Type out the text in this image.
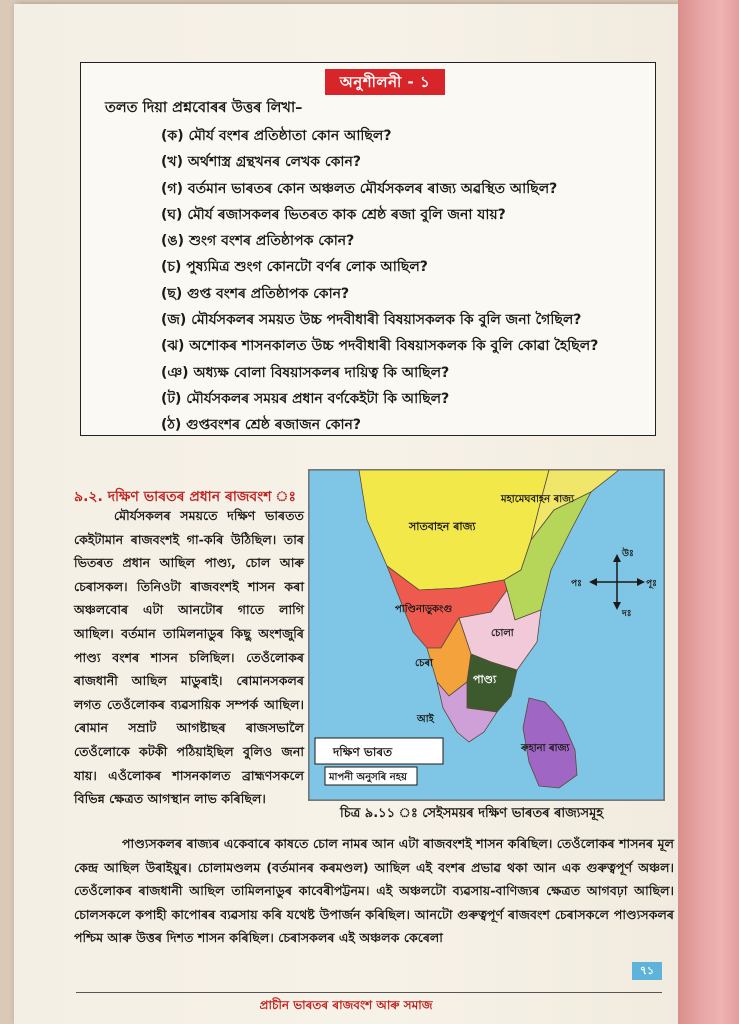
অনুশীলনী - ১
তলত দিয়া প্ৰশ্নবোৰৰ উত্তৰ লিখা–
(ক) মৌৰ্য বংশৰ প্ৰতিষ্ঠাতা কোন আছিল?
(খ) অৰ্থশাস্ত্ৰ গ্ৰন্থখনৰ লেখক কোন?
(গ) বৰ্তমান ভাৰতৰ কোন অঞ্চলত মৌৰ্যসকলৰ ৰাজ্য অৱস্থিত আছিল?
(ঘ) মৌৰ্য ৰজাসকলৰ ভিতৰত কাক শ্ৰেষ্ঠ ৰজা বুলি জনা যায়?
(ঙ) শুংগ বংশৰ প্ৰতিষ্ঠাপক কোন?
(চ) পুষ্যমিত্ৰ শুংগ কোনটো বৰ্ণৰ লোক আছিল?
(ছ) গুপ্ত বংশৰ প্ৰতিষ্ঠাপক কোন?
(জ) মৌৰ্যসকলৰ সময়ত উচ্চ পদবীধাৰী বিষয়াসকলক কি বুলি জনা গৈছিল?
(ঝ) অশোকৰ শাসনকালত উচ্চ পদবীধাৰী বিষয়াসকলক কি বুলি কোৱা হৈছিল?
(ঞ) অধ্যক্ষ বোলা বিষয়াসকলৰ দায়িত্ব কি আছিল?
(ট) মৌৰ্যসকলৰ সময়ৰ প্ৰধান বৰ্ণকেইটা কি আছিল?
(ঠ) গুপ্তবংশৰ শ্ৰেষ্ঠ ৰজাজন কোন?
৯.২. দক্ষিণ ভাৰতৰ প্ৰধান ৰাজবংশ ঃ

মৌৰ্যসকলৰ সময়তে দক্ষিণ ভাৰতত কেইটামান ৰাজবংশই গা-কৰি উঠিছিল। তাৰ ভিতৰত প্ৰধান আছিল পাণ্ড্য, চোল আৰু চেৰাসকল। তিনিওটা ৰাজবংশই শাসন কৰা অঞ্চলবোৰ এটা আনটোৰ গাতে লাগি আছিল। বৰ্তমান তামিলনাডুৰ কিছু অংশজুৰি পাণ্ড্য বংশৰ শাসন চলিছিল। তেওঁলোকৰ ৰাজধানী আছিল মাডুৰাই। ৰোমানসকলৰ লগত তেওঁলোকৰ ব্যৱসায়িক সম্পৰ্ক আছিল। ৰোমান সম্ৰাট আগষ্টাছৰ ৰাজসভালৈ তেওঁলোকে কটকী পঠিয়াইছিল বুলিও জনা যায়। এওঁলোকৰ শাসনকালত ব্ৰাহ্মণসকলে বিভিন্ন ক্ষেত্ৰত আগস্থান লাভ কৰিছিল।

সাতবাহন ৰাজ্য
মহামেঘবাহন ৰাজ্য
পাণ্ডিনাড়ুকংগু
চোলা
চেৰা
পাণ্ড্য
আই
ৰুহানা ৰাজ্য
উঃ
দঃ
পঃ	পূঃ
দক্ষিণ ভাৰত
মাপনী অনুসৰি নহয়
চিত্ৰ ৯.১১ ঃ সেইসময়ৰ দক্ষিণ ভাৰতৰ ৰাজ্যসমূহ

পাণ্ড্যসকলৰ ৰাজ্যৰ একেবাৰে কাষতে চোল নামৰ আন এটা ৰাজবংশই শাসন কৰিছিল। তেওঁলোকৰ শাসনৰ মূল কেন্দ্ৰ আছিল উৰাইয়ুৰ। চোলামণ্ডলম (বৰ্তমানৰ কৰমণ্ডল) আছিল এই বংশৰ প্ৰভাৱ থকা আন এক গুৰুত্বপূৰ্ণ অঞ্চল। তেওঁলোকৰ ৰাজধানী আছিল তামিলনাডুৰ কাবেৰীপট্টনম। এই অঞ্চলটো ব্যৱসায়-বাণিজ্যৰ ক্ষেত্ৰত আগবঢ়া আছিল। চোলসকলে কপাহী কাপোৰৰ ব্যৱসায় কৰি যথেষ্ট উপাৰ্জন কৰিছিল। আনটো গুৰুত্বপূৰ্ণ ৰাজবংশ চেৰাসকলে পাণ্ড্যসকলৰ পশ্চিম আৰু উত্তৰ দিশত শাসন কৰিছিল। চেৰাসকলৰ এই অঞ্চলক কেৰেলা

৭১
প্ৰাচীন ভাৰতৰ ৰাজবংশ আৰু সমাজ
